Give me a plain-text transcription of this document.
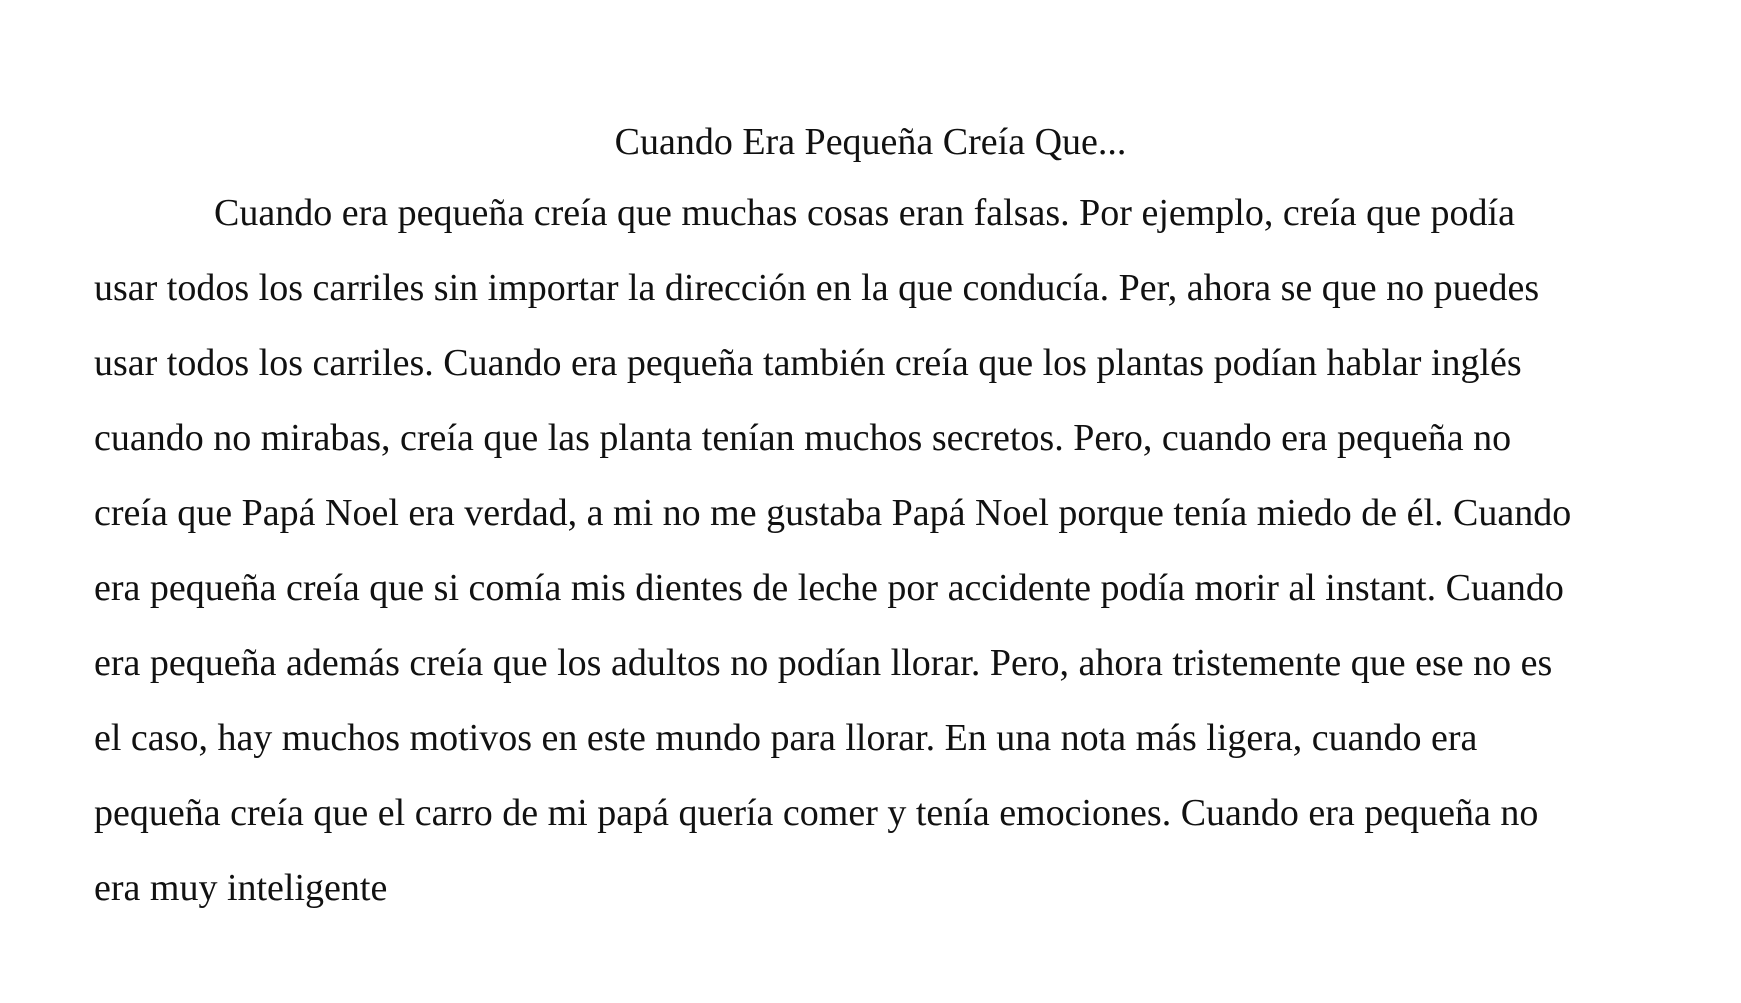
Cuando Era Pequeña Creía Que...

Cuando era pequeña creía que muchas cosas eran falsas. Por ejemplo, creía que podía

usar todos los carriles sin importar la dirección en la que conducía. Per, ahora se que no puedes

usar todos los carriles. Cuando era pequeña también creía que los plantas podían hablar inglés

cuando no mirabas, creía que las planta tenían muchos secretos. Pero, cuando era pequeña no

creía que Papá Noel era verdad, a mi no me gustaba Papá Noel porque tenía miedo de él. Cuando

era pequeña creía que si comía mis dientes de leche por accidente podía morir al instant. Cuando

era pequeña además creía que los adultos no podían llorar. Pero, ahora tristemente que ese no es

el caso, hay muchos motivos en este mundo para llorar. En una nota más ligera, cuando era

pequeña creía que el carro de mi papá quería comer y tenía emociones. Cuando era pequeña no

era muy inteligente
